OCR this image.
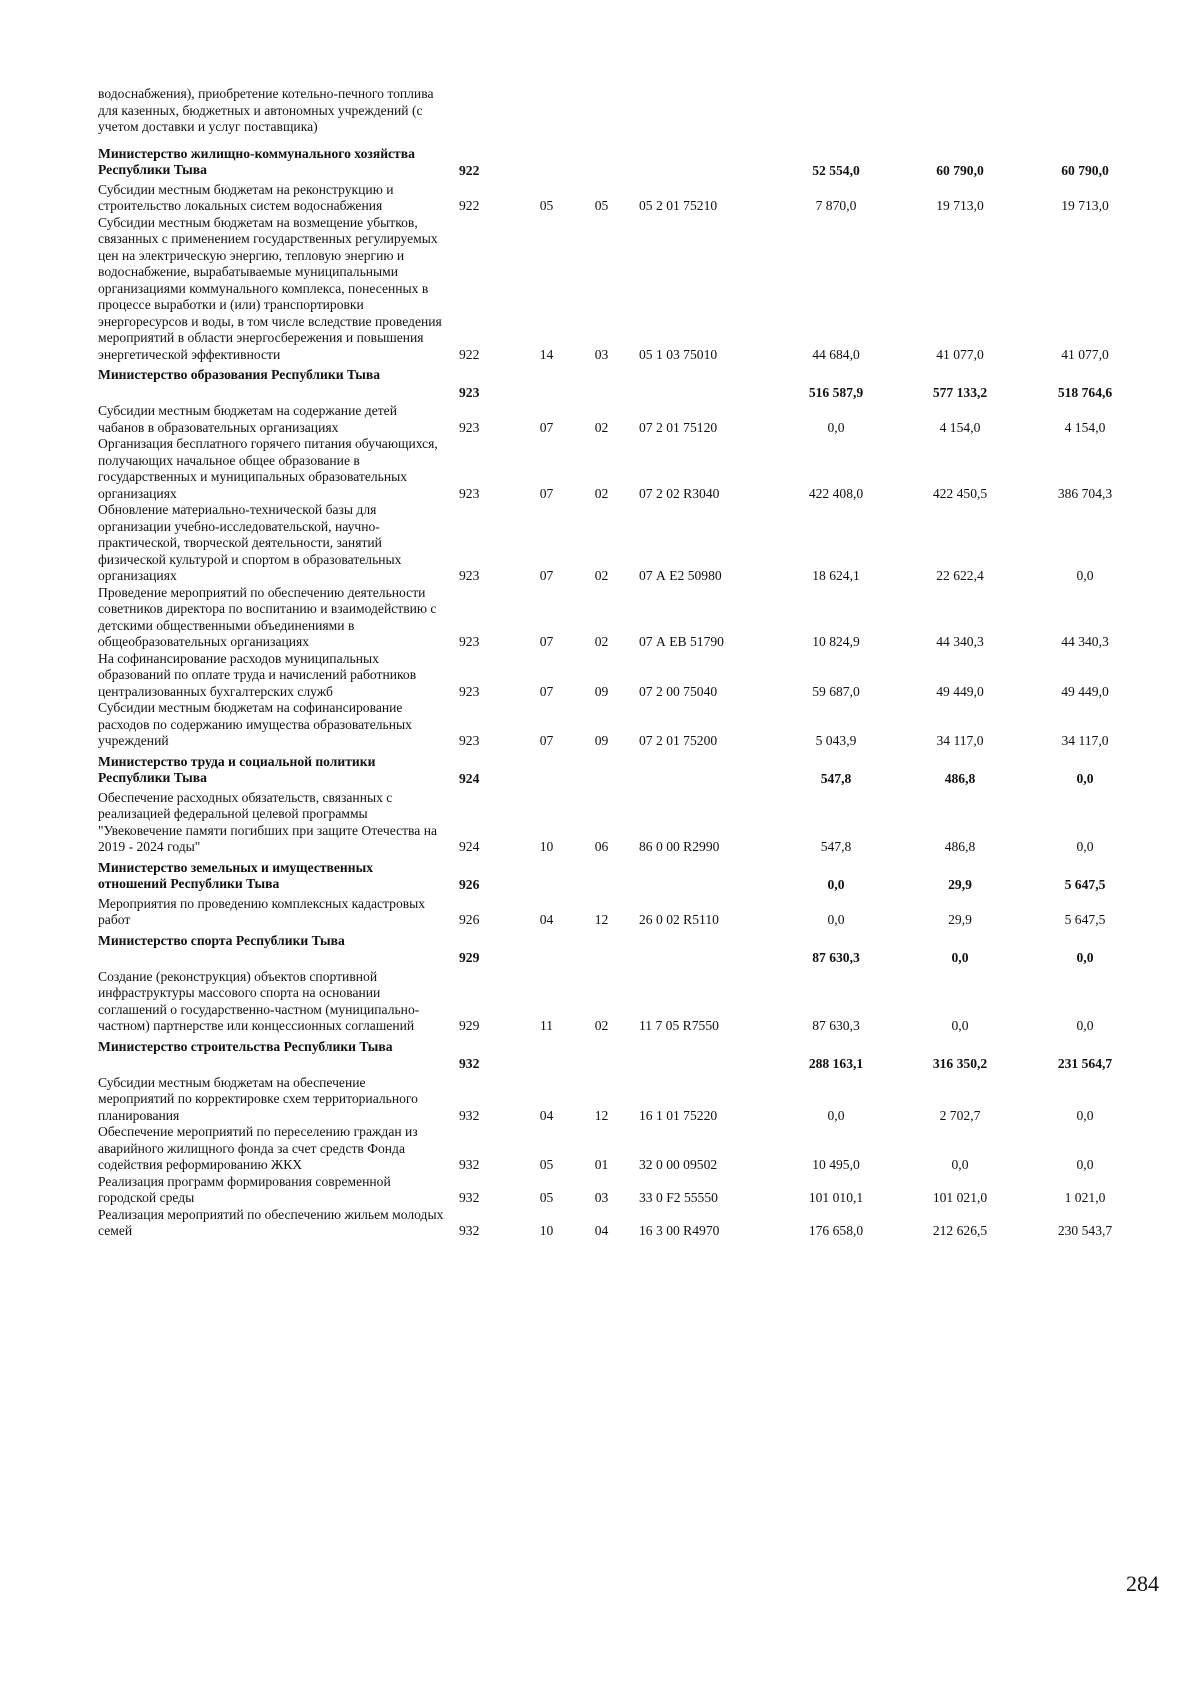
водоснабжения), приобретение котельно-печного топлива для казенных, бюджетных и автономных учреждений (с учетом доставки и услуг поставщика)							
Министерство жилищно-коммунального хозяйства Республики Тыва	922				52 554,0	60 790,0	60 790,0
Субсидии местным бюджетам на реконструкцию и строительство локальных систем водоснабжения	922	05	05	05 2 01 75210	7 870,0	19 713,0	19 713,0
Субсидии местным бюджетам на возмещение убытков, связанных с применением государственных регулируемых цен на электрическую энергию, тепловую энергию и водоснабжение, вырабатываемые муниципальными организациями коммунального комплекса, понесенных в процессе выработки и (или) транспортировки энергоресурсов и воды, в том числе вследствие проведения мероприятий в области энергосбережения и повышения энергетической эффективности	922	14	03	05 1 03 75010	44 684,0	41 077,0	41 077,0
Министерство образования Республики Тыва	923				516 587,9	577 133,2	518 764,6
Субсидии местным бюджетам на содержание детей чабанов в образовательных организациях	923	07	02	07 2 01 75120	0,0	4 154,0	4 154,0
Организация бесплатного горячего питания обучающихся, получающих начальное общее образование в государственных и муниципальных образовательных организациях	923	07	02	07 2 02 R3040	422 408,0	422 450,5	386 704,3
Обновление материально-технической базы для организации учебно-исследовательской, научно-практической, творческой деятельности, занятий физической культурой и спортом в образовательных организациях	923	07	02	07 А Е2 50980	18 624,1	22 622,4	0,0
Проведение мероприятий по обеспечению деятельности советников директора по воспитанию и взаимодействию с детскими общественными объединениями в общеобразовательных организациях	923	07	02	07 А ЕВ 51790	10 824,9	44 340,3	44 340,3
На софинансирование расходов муниципальных образований по оплате труда и начислений работников централизованных бухгалтерских служб	923	07	09	07 2 00 75040	59 687,0	49 449,0	49 449,0
Субсидии местным бюджетам на софинансирование расходов по содержанию имущества образовательных учреждений	923	07	09	07 2 01 75200	5 043,9	34 117,0	34 117,0
Министерство труда и социальной политики Республики Тыва	924				547,8	486,8	0,0
Обеспечение расходных обязательств, связанных с реализацией федеральной целевой программы "Увековечение памяти погибших при защите Отечества на 2019 - 2024 годы"	924	10	06	86 0 00 R2990	547,8	486,8	0,0
Министерство земельных и имущественных отношений Республики Тыва	926				0,0	29,9	5 647,5
Мероприятия по проведению комплексных кадастровых работ	926	04	12	26 0 02 R5110	0,0	29,9	5 647,5
Министерство спорта Республики Тыва	929				87 630,3	0,0	0,0
Создание (реконструкция) объектов спортивной инфраструктуры массового спорта на основании соглашений о государственно-частном (муниципально-частном) партнерстве или концессионных соглашений	929	11	02	11 7 05 R7550	87 630,3	0,0	0,0
Министерство строительства Республики Тыва	932				288 163,1	316 350,2	231 564,7
Субсидии местным бюджетам на обеспечение мероприятий по корректировке схем территориального планирования	932	04	12	16 1 01 75220	0,0	2 702,7	0,0
Обеспечение мероприятий по переселению граждан из аварийного жилищного фонда за счет средств Фонда содействия реформированию ЖКХ	932	05	01	32 0 00 09502	10 495,0	0,0	0,0
Реализация программ формирования современной городской среды	932	05	03	33 0 F2 55550	101 010,1	101 021,0	1 021,0
Реализация мероприятий по обеспечению жильем молодых семей	932	10	04	16 3 00 R4970	176 658,0	212 626,5	230 543,7
284
